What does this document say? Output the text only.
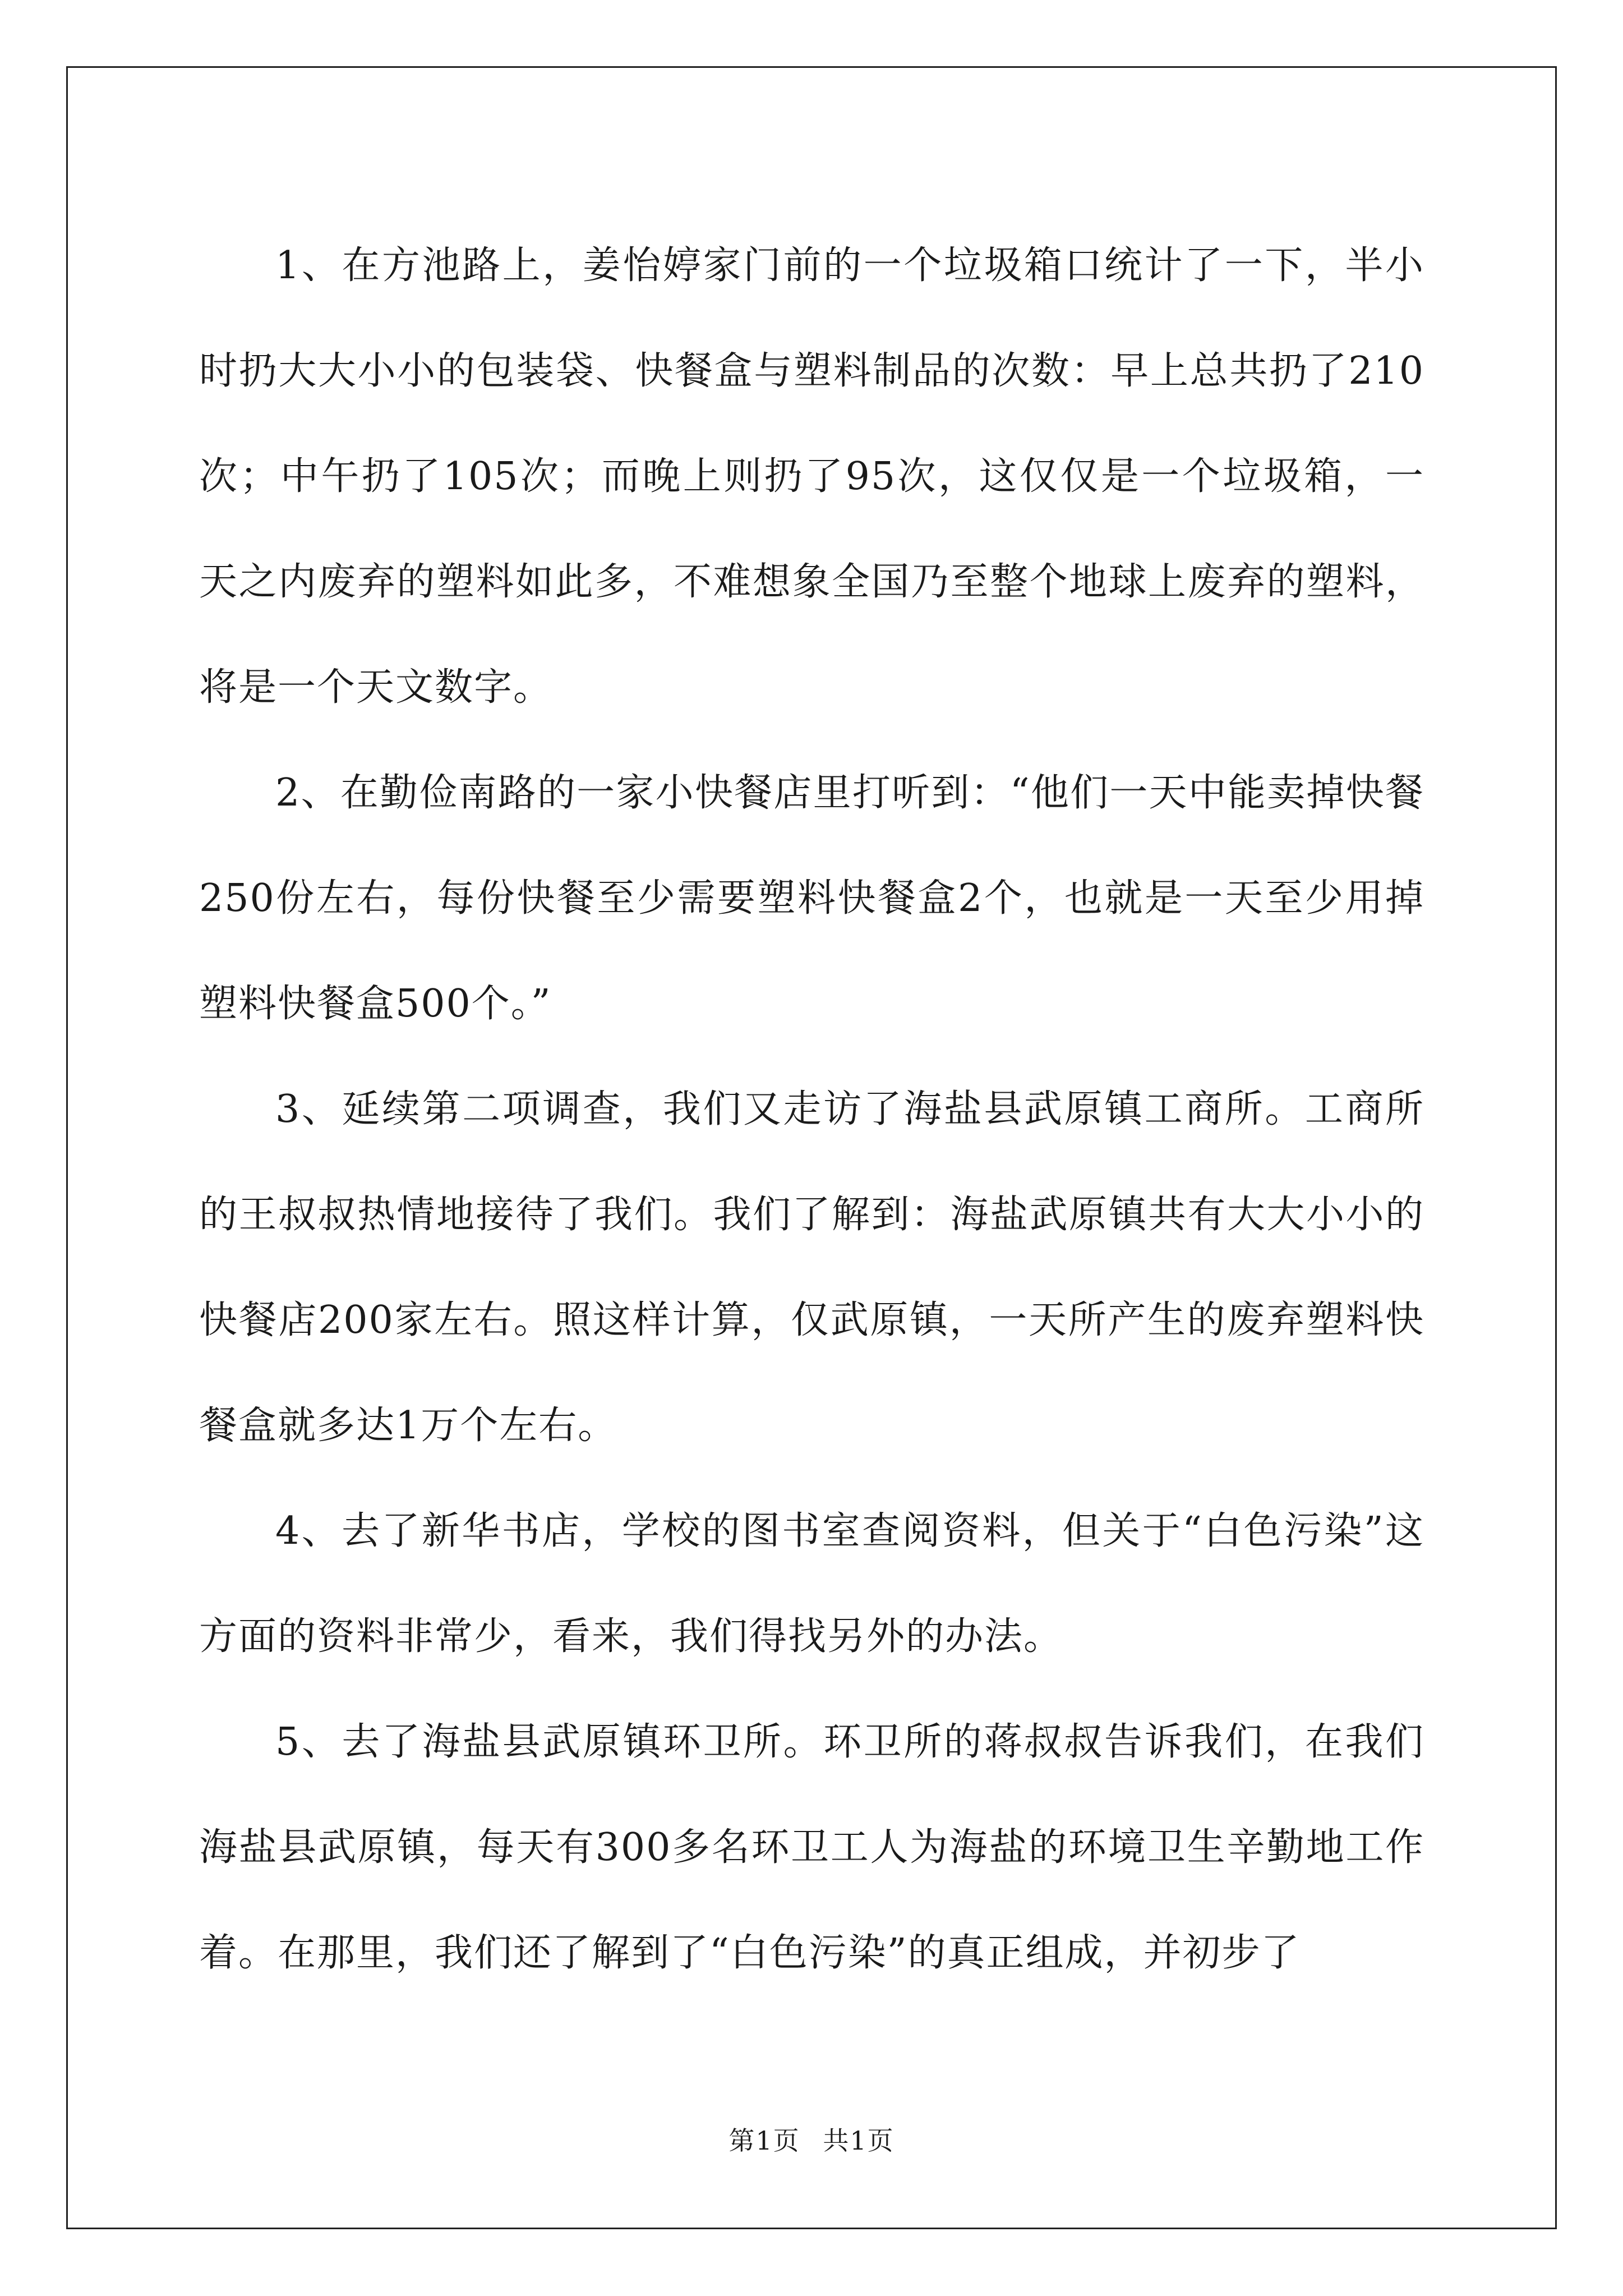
1、在方池路上，姜怡婷家门前的一个垃圾箱口统计了一下，半小时扔大大小小的包装袋、快餐盒与塑料制品的次数：早上总共扔了210次；中午扔了105次；而晚上则扔了95次，这仅仅是一个垃圾箱，一天之内废弃的塑料如此多，不难想象全国乃至整个地球上废弃的塑料，将是一个天文数字。

2、在勤俭南路的一家小快餐店里打听到：“他们一天中能卖掉快餐250份左右，每份快餐至少需要塑料快餐盒2个，也就是一天至少用掉塑料快餐盒500个。”

3、延续第二项调查，我们又走访了海盐县武原镇工商所。工商所的王叔叔热情地接待了我们。我们了解到：海盐武原镇共有大大小小的快餐店200家左右。照这样计算，仅武原镇，一天所产生的废弃塑料快餐盒就多达1万个左右。

4、去了新华书店，学校的图书室查阅资料，但关于“白色污染”这方面的资料非常少，看来，我们得找另外的办法。

5、去了海盐县武原镇环卫所。环卫所的蒋叔叔告诉我们，在我们海盐县武原镇，每天有300多名环卫工人为海盐的环境卫生辛勤地工作着。在那里，我们还了解到了“白色污染”的真正组成，并初步了

第1页 共1页
